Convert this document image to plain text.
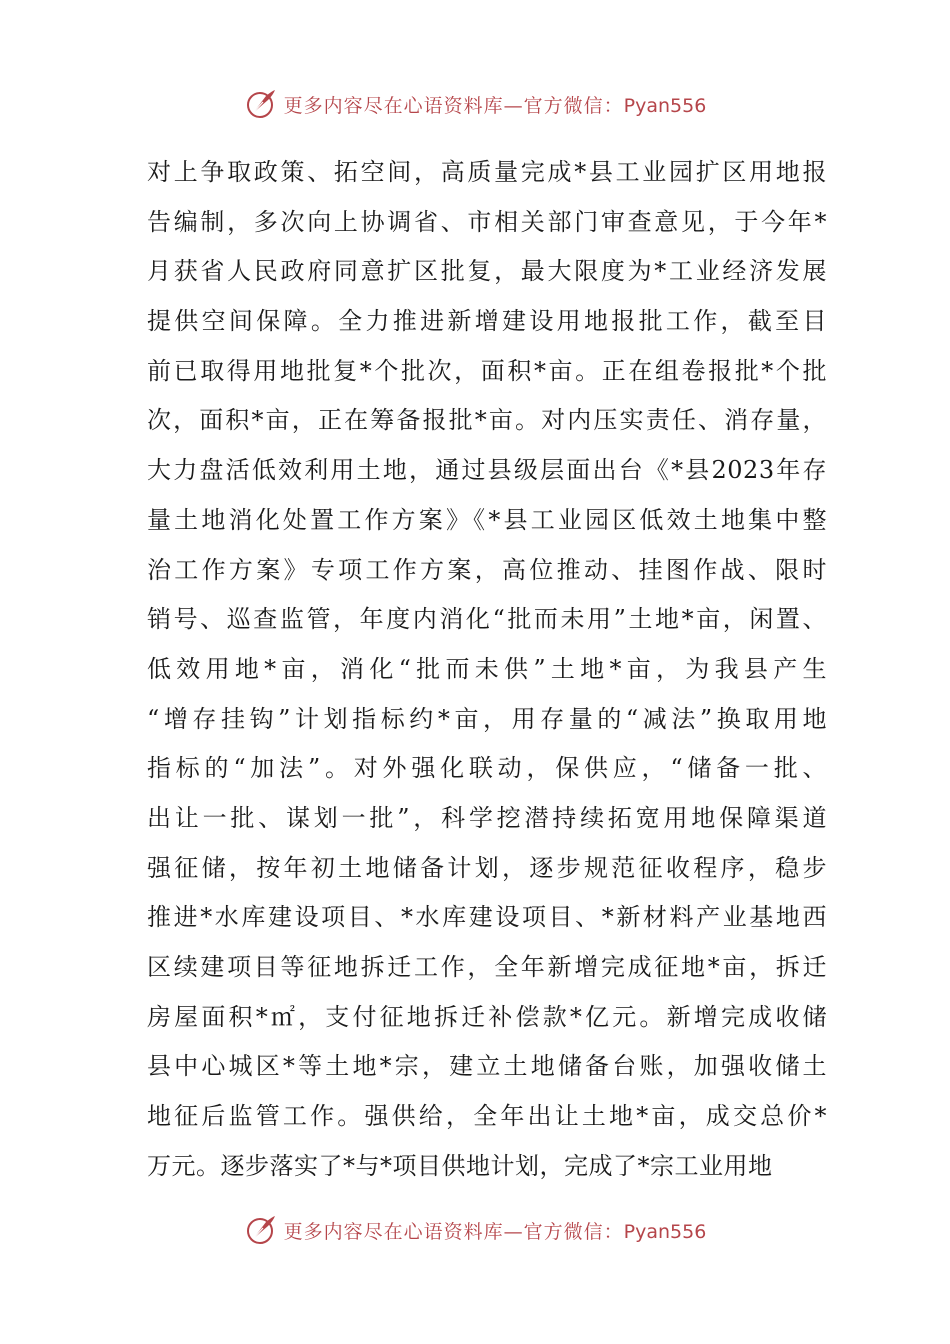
更多内容尽在心语资料库—官方微信：Pyan556
对上争取政策、拓空间，高质量完成*县工业园扩区用地报
告编制，多次向上协调省、市相关部门审查意见，于今年*
月获省人民政府同意扩区批复，最大限度为*工业经济发展
提供空间保障。全力推进新增建设用地报批工作，截至目
前已取得用地批复*个批次，面积*亩。正在组卷报批*个批
次，面积*亩，正在筹备报批*亩。对内压实责任、消存量，
大力盘活低效利用土地，通过县级层面出台《*县2023年存
量土地消化处置工作方案》《*县工业园区低效土地集中整
治工作方案》专项工作方案，高位推动、挂图作战、限时
销号、巡查监管，年度内消化“批而未用”土地*亩，闲置、
低效用地*亩，消化“批而未供”土地*亩，为我县产生
“增存挂钩”计划指标约*亩，用存量的“减法”换取用地
指标的“加法”。对外强化联动，保供应，“储备一批、
出让一批、谋划一批”，科学挖潜持续拓宽用地保障渠道
强征储，按年初土地储备计划，逐步规范征收程序，稳步
推进*水库建设项目、*水库建设项目、*新材料产业基地西
区续建项目等征地拆迁工作，全年新增完成征地*亩，拆迁
房屋面积*㎡，支付征地拆迁补偿款*亿元。新增完成收储
县中心城区*等土地*宗，建立土地储备台账，加强收储土
地征后监管工作。强供给，全年出让土地*亩，成交总价*
万元。逐步落实了*与*项目供地计划，完成了*宗工业用地
更多内容尽在心语资料库—官方微信：Pyan556
